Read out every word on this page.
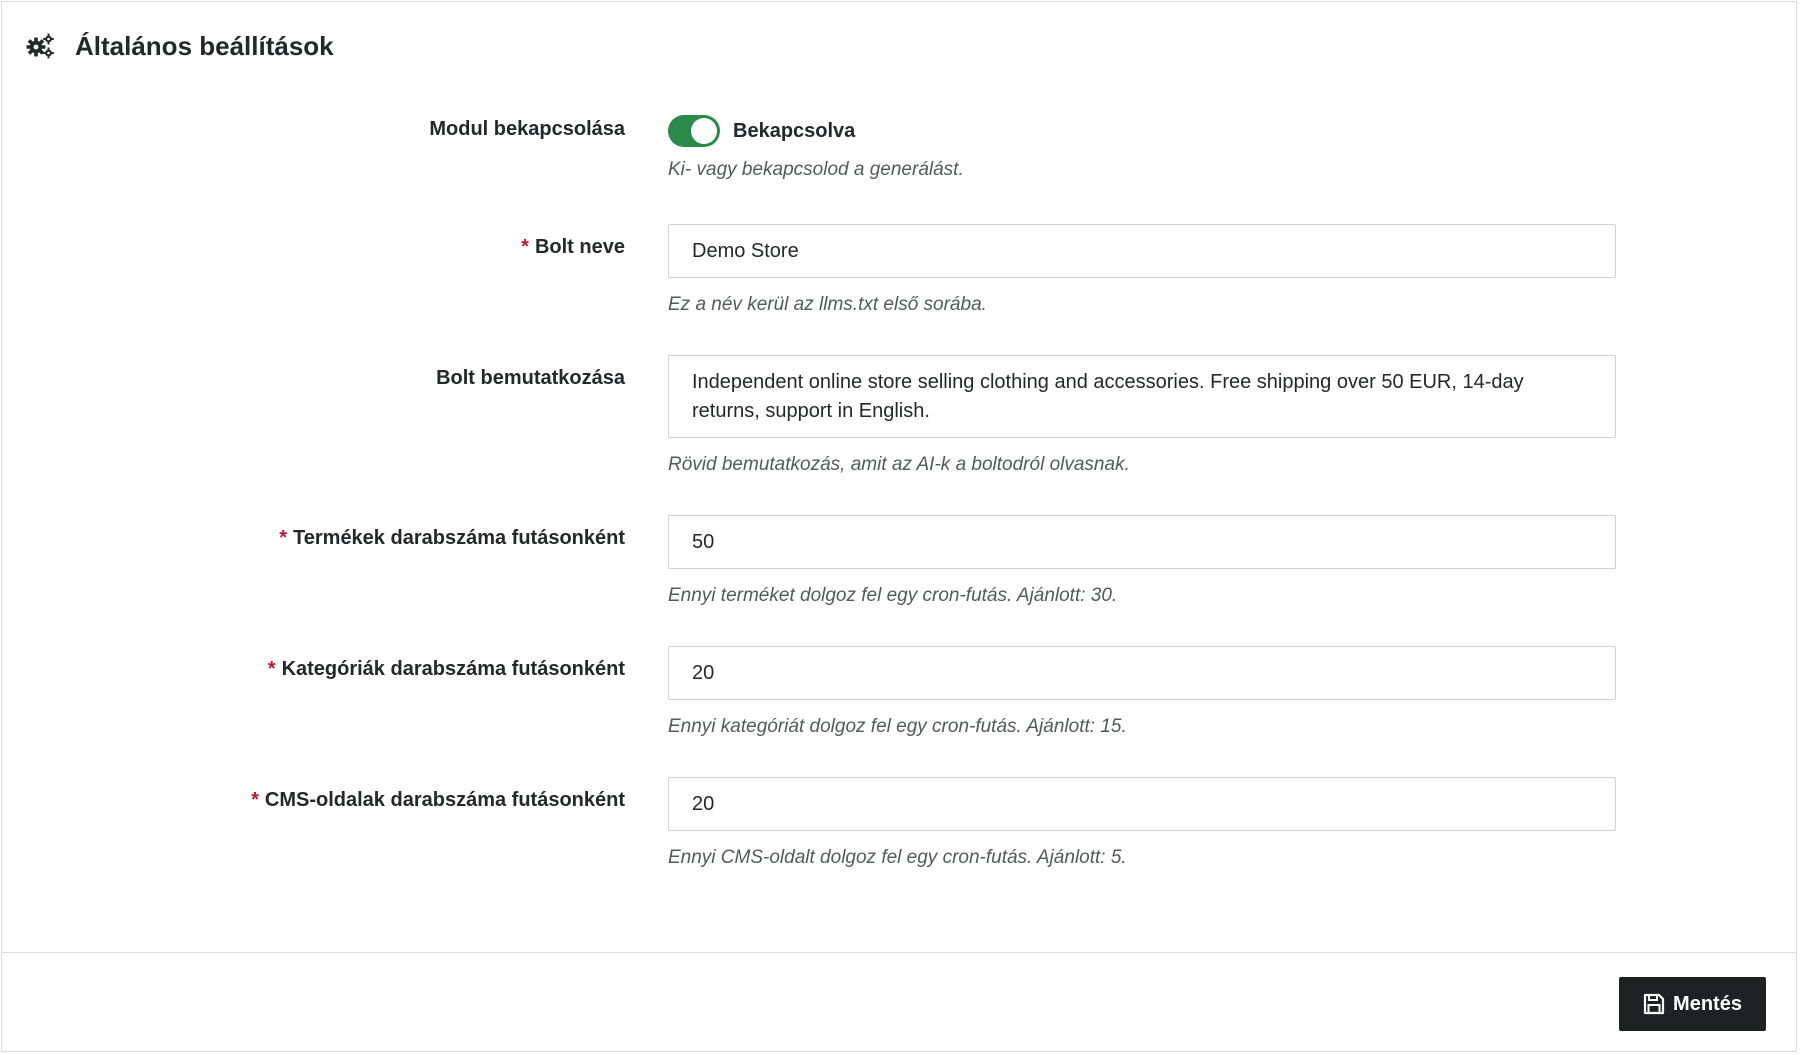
Általános beállítások
Modul bekapcsolása	Bekapcsolva
Ki- vagy bekapcsolod a generálást.
* Bolt neve
Demo Store
Ez a név kerül az llms.txt első sorába.
Bolt bemutatkozása
Independent online store selling clothing and accessories. Free shipping over 50 EUR, 14-day returns, support in English.
Rövid bemutatkozás, amit az AI-k a boltodról olvasnak.
* Termékek darabszáma futásonként
50
Ennyi terméket dolgoz fel egy cron-futás. Ajánlott: 30.
* Kategóriák darabszáma futásonként
20
Ennyi kategóriát dolgoz fel egy cron-futás. Ajánlott: 15.
* CMS-oldalak darabszáma futásonként
20
Ennyi CMS-oldalt dolgoz fel egy cron-futás. Ajánlott: 5.
Mentés
